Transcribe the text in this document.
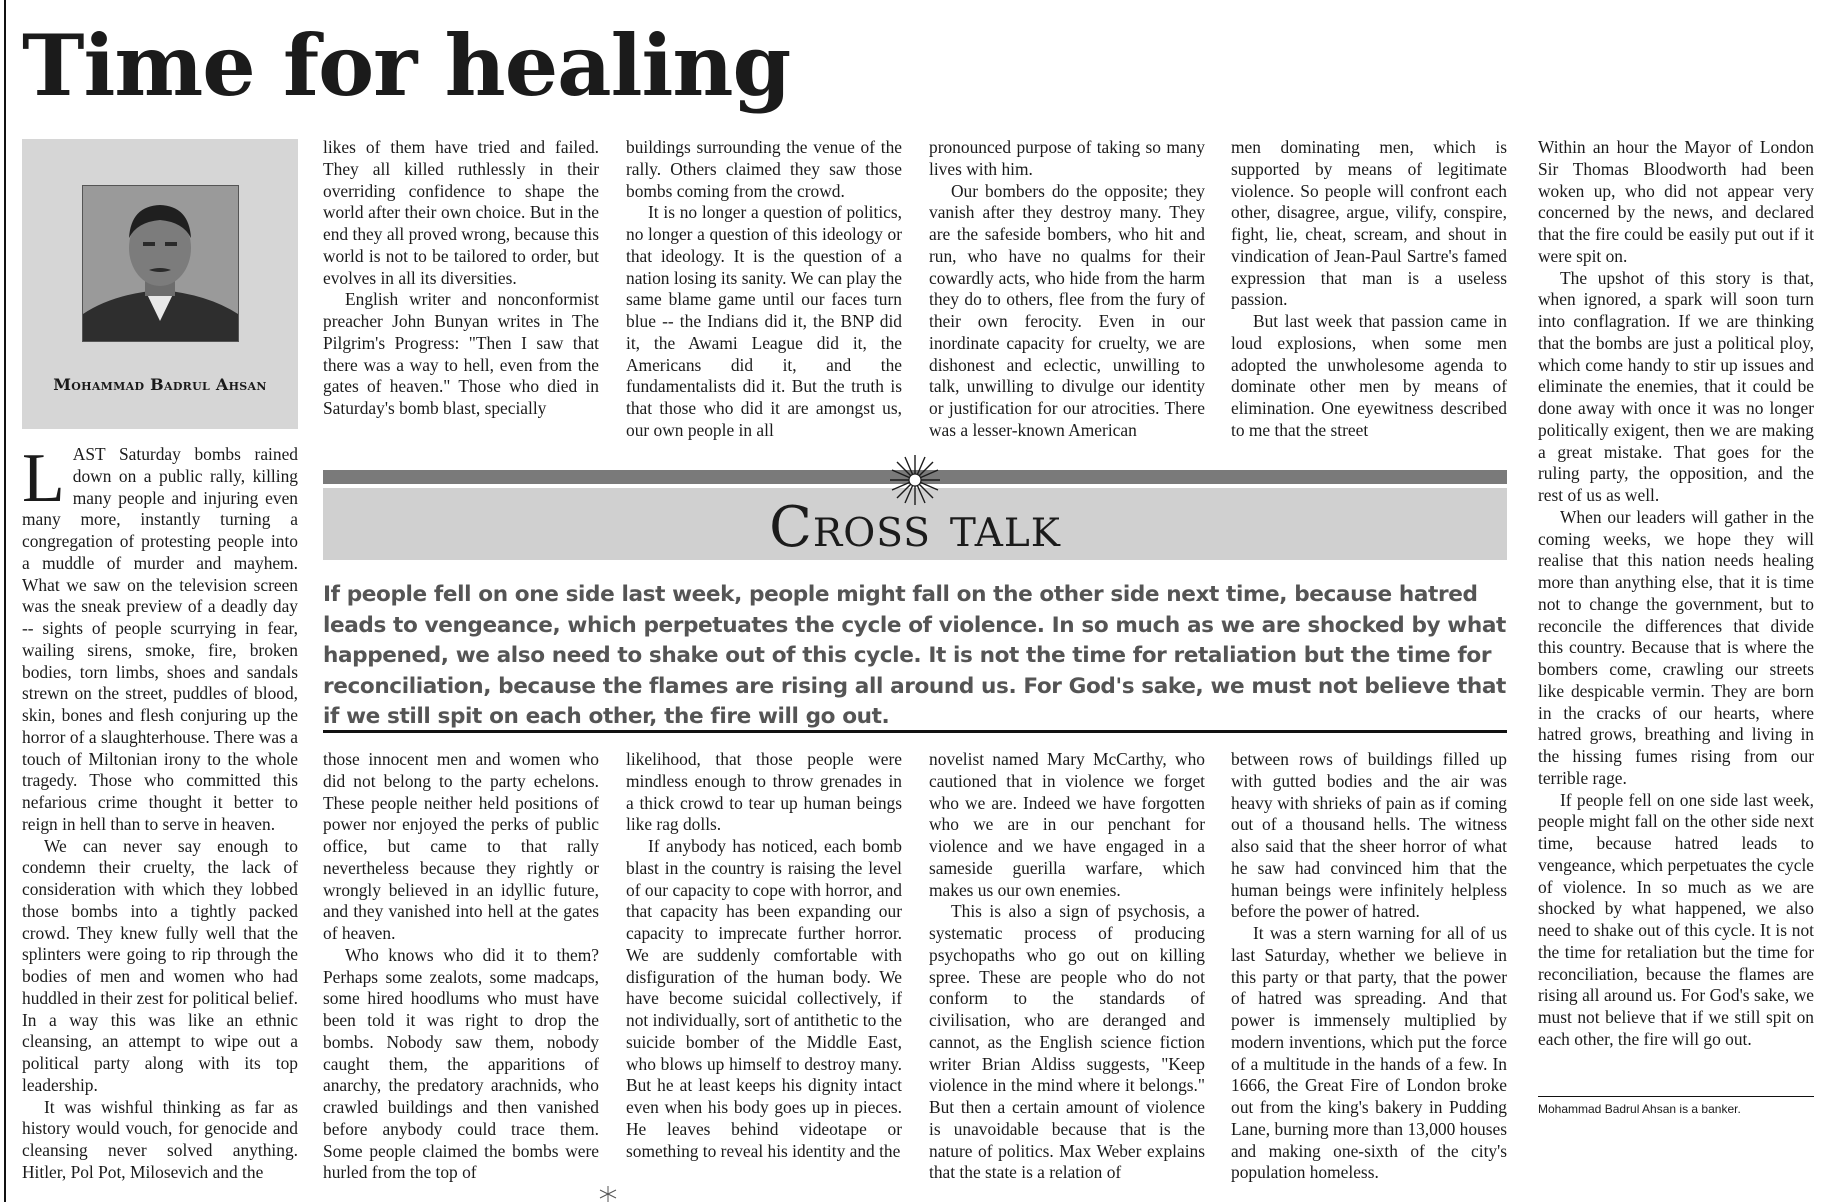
Time for healing
Mohammad Badrul Ahsan

LAST Saturday bombs rained down on a public rally, killing many people and injuring even many more, instantly turning a congregation of protesting people into a muddle of murder and mayhem. What we saw on the television screen was the sneak preview of a deadly day -- sights of people scurrying in fear, wailing sirens, smoke, fire, broken bodies, torn limbs, shoes and sandals strewn on the street, puddles of blood, skin, bones and flesh conjuring up the horror of a slaughterhouse. There was a touch of Miltonian irony to the whole tragedy. Those who committed this nefarious crime thought it better to reign in hell than to serve in heaven.

We can never say enough to condemn their cruelty, the lack of consideration with which they lobbed those bombs into a tightly packed crowd. They knew fully well that the splinters were going to rip through the bodies of men and women who had huddled in their zest for political belief. In a way this was like an ethnic cleansing, an attempt to wipe out a political party along with its top leadership.

It was wishful thinking as far as history would vouch, for genocide and cleansing never solved anything. Hitler, Pol Pot, Milosevich and the

likes of them have tried and failed. They all killed ruthlessly in their overriding confidence to shape the world after their own choice. But in the end they all proved wrong, because this world is not to be tailored to order, but evolves in all its diversities.

English writer and nonconformist preacher John Bunyan writes in The Pilgrim's Progress: "Then I saw that there was a way to hell, even from the gates of heaven." Those who died in Saturday's bomb blast, specially

buildings surrounding the venue of the rally. Others claimed they saw those bombs coming from the crowd.

It is no longer a question of politics, no longer a question of this ideology or that ideology. It is the question of a nation losing its sanity. We can play the same blame game until our faces turn blue -- the Indians did it, the BNP did it, the Awami League did it, the Americans did it, and the fundamentalists did it. But the truth is that those who did it are amongst us, our own people in all

pronounced purpose of taking so many lives with him.

Our bombers do the opposite; they vanish after they destroy many. They are the safeside bombers, who hit and run, who have no qualms for their cowardly acts, who hide from the harm they do to others, flee from the fury of their own ferocity. Even in our inordinate capacity for cruelty, we are dishonest and eclectic, unwilling to talk, unwilling to divulge our identity or justification for our atrocities. There was a lesser-known American

men dominating men, which is supported by means of legitimate violence. So people will confront each other, disagree, argue, vilify, conspire, fight, lie, cheat, scream, and shout in vindication of Jean-Paul Sartre's famed expression that man is a useless passion.

But last week that passion came in loud explosions, when some men adopted the unwholesome agenda to dominate other men by means of elimination. One eyewitness described to me that the street

Cross talk

If people fell on one side last week, people might fall on the other side next time, because hatred leads to vengeance, which perpetuates the cycle of violence. In so much as we are shocked by what happened, we also need to shake out of this cycle. It is not the time for retaliation but the time for reconciliation, because the flames are rising all around us. For God's sake, we must not believe that if we still spit on each other, the fire will go out.

those innocent men and women who did not belong to the party echelons. These people neither held positions of power nor enjoyed the perks of public office, but came to that rally nevertheless because they rightly or wrongly believed in an idyllic future, and they vanished into hell at the gates of heaven.

Who knows who did it to them? Perhaps some zealots, some madcaps, some hired hoodlums who must have been told it was right to drop the bombs. Nobody saw them, nobody caught them, the apparitions of anarchy, the predatory arachnids, who crawled buildings and then vanished before anybody could trace them. Some people claimed the bombs were hurled from the top of

likelihood, that those people were mindless enough to throw grenades in a thick crowd to tear up human beings like rag dolls.

If anybody has noticed, each bomb blast in the country is raising the level of our capacity to cope with horror, and that capacity has been expanding our capacity to imprecate further horror. We are suddenly comfortable with disfiguration of the human body. We have become suicidal collectively, if not individually, sort of antithetic to the suicide bomber of the Middle East, who blows up himself to destroy many. But he at least keeps his dignity intact even when his body goes up in pieces. He leaves behind videotape or something to reveal his identity and the

novelist named Mary McCarthy, who cautioned that in violence we forget who we are. Indeed we have forgotten who we are in our penchant for violence and we have engaged in a sameside guerilla warfare, which makes us our own enemies.

This is also a sign of psychosis, a systematic process of producing psychopaths who go out on killing spree. These are people who do not conform to the standards of civilisation, who are deranged and cannot, as the English science fiction writer Brian Aldiss suggests, "Keep violence in the mind where it belongs." But then a certain amount of violence is unavoidable because that is the nature of politics. Max Weber explains that the state is a relation of

between rows of buildings filled up with gutted bodies and the air was heavy with shrieks of pain as if coming out of a thousand hells. The witness also said that the sheer horror of what he saw had convinced him that the human beings were infinitely helpless before the power of hatred.

It was a stern warning for all of us last Saturday, whether we believe in this party or that party, that the power of hatred was spreading. And that power is immensely multiplied by modern inventions, which put the force of a multitude in the hands of a few. In 1666, the Great Fire of London broke out from the king's bakery in Pudding Lane, burning more than 13,000 houses and making one-sixth of the city's population homeless.

Within an hour the Mayor of London Sir Thomas Bloodworth had been woken up, who did not appear very concerned by the news, and declared that the fire could be easily put out if it were spit on.

The upshot of this story is that, when ignored, a spark will soon turn into conflagration. If we are thinking that the bombs are just a political ploy, which come handy to stir up issues and eliminate the enemies, that it could be done away with once it was no longer politically exigent, then we are making a great mistake. That goes for the ruling party, the opposition, and the rest of us as well.

When our leaders will gather in the coming weeks, we hope they will realise that this nation needs healing more than anything else, that it is time not to change the government, but to reconcile the differences that divide this country. Because that is where the bombers come, crawling our streets like despicable vermin. They are born in the cracks of our hearts, where hatred grows, breathing and living in the hissing fumes rising from our terrible rage.

If people fell on one side last week, people might fall on the other side next time, because hatred leads to vengeance, which perpetuates the cycle of violence. In so much as we are shocked by what happened, we also need to shake out of this cycle. It is not the time for retaliation but the time for reconciliation, because the flames are rising all around us. For God's sake, we must not believe that if we still spit on each other, the fire will go out.

Mohammad Badrul Ahsan is a banker.
